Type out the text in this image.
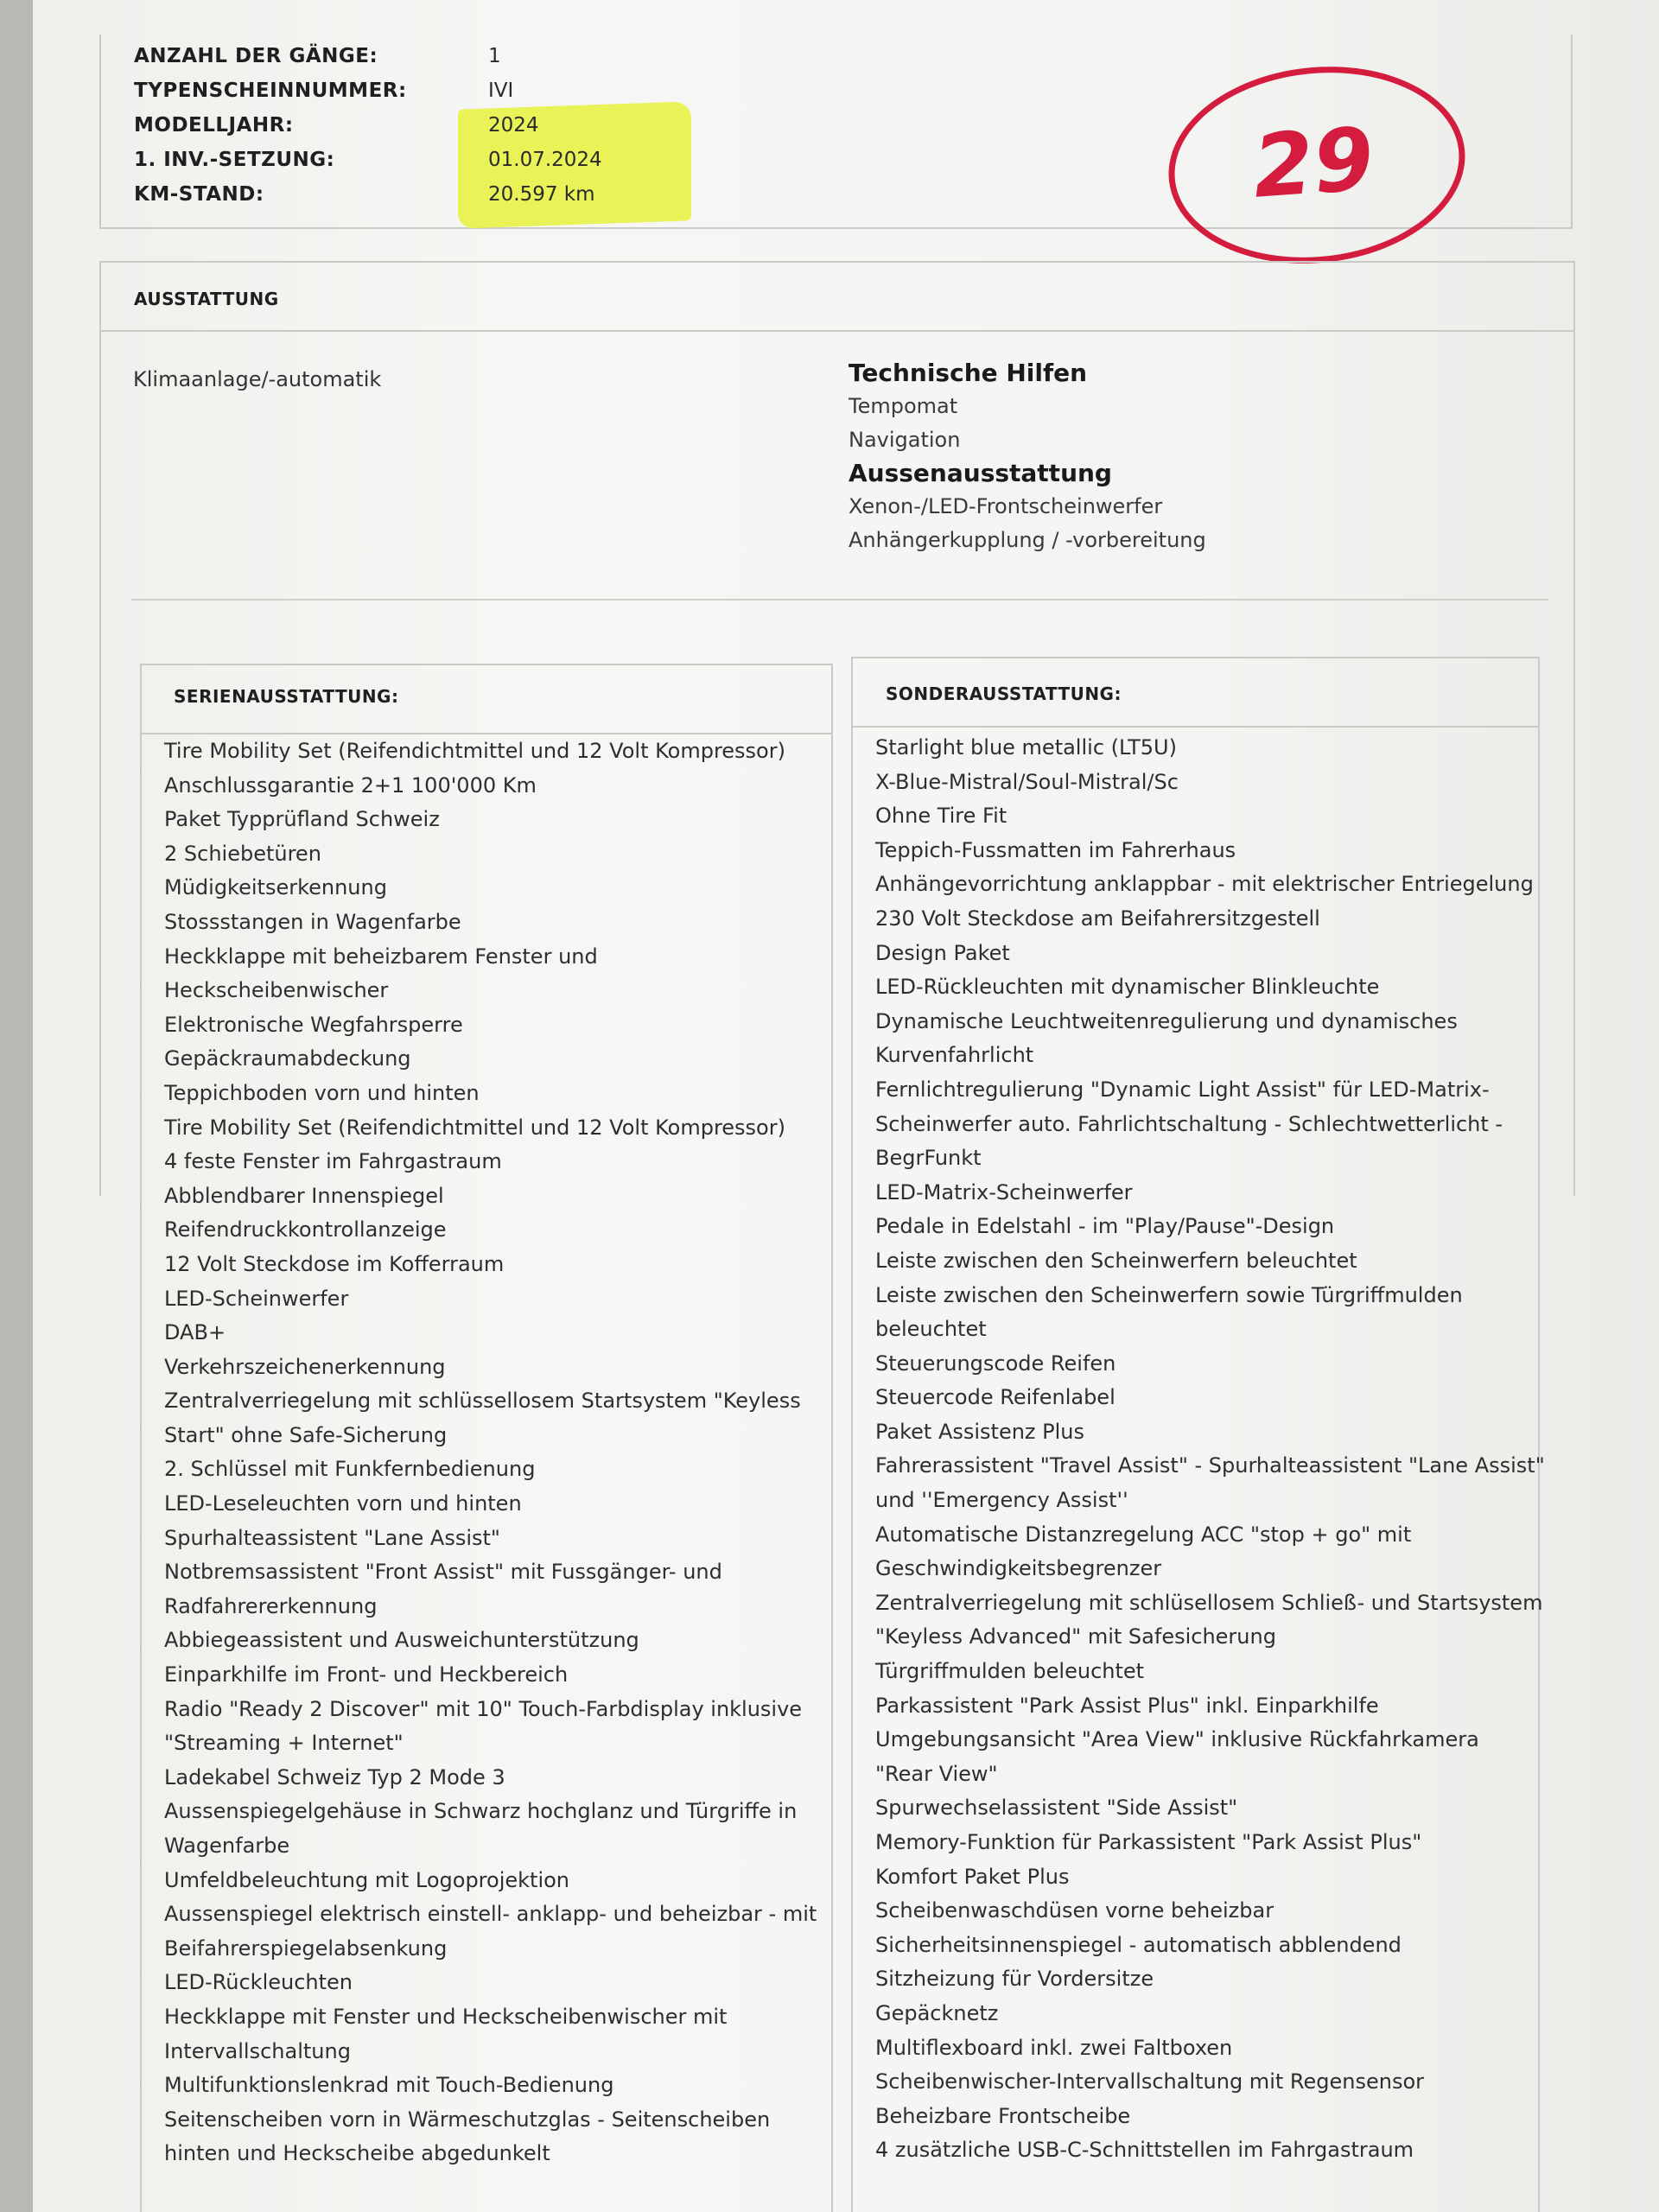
ANZAHL DER GÄNGE:	1
TYPENSCHEINNUMMER:	IVI
MODELLJAHR:	2024
1. INV.-SETZUNG:	01.07.2024
KM-STAND:	20.597 km	29
AUSSTATTUNG
Klimaanlage/-automatik	Technische Hilfen
Tempomat
Navigation
Aussenausstattung
Xenon-/LED-Frontscheinwerfer
Anhängerkupplung / -vorbereitung
SERIENAUSSTATTUNG:
Tire Mobility Set (Reifendichtmittel und 12 Volt Kompressor)
Anschlussgarantie 2+1 100'000 Km
Paket Typprüfland Schweiz
2 Schiebetüren
Müdigkeitserkennung
Stossstangen in Wagenfarbe
Heckklappe mit beheizbarem Fenster und
Heckscheibenwischer
Elektronische Wegfahrsperre
Gepäckraumabdeckung
Teppichboden vorn und hinten
Tire Mobility Set (Reifendichtmittel und 12 Volt Kompressor)
4 feste Fenster im Fahrgastraum
Abblendbarer Innenspiegel
Reifendruckkontrollanzeige
12 Volt Steckdose im Kofferraum
LED-Scheinwerfer
DAB+
Verkehrszeichenerkennung
Zentralverriegelung mit schlüssellosem Startsystem "Keyless
Start" ohne Safe-Sicherung
2. Schlüssel mit Funkfernbedienung
LED-Leseleuchten vorn und hinten
Spurhalteassistent "Lane Assist"
Notbremsassistent "Front Assist" mit Fussgänger- und
Radfahrererkennung
Abbiegeassistent und Ausweichunterstützung
Einparkhilfe im Front- und Heckbereich
Radio "Ready 2 Discover" mit 10" Touch-Farbdisplay inklusive
"Streaming + Internet"
Ladekabel Schweiz Typ 2 Mode 3
Aussenspiegelgehäuse in Schwarz hochglanz und Türgriffe in
Wagenfarbe
Umfeldbeleuchtung mit Logoprojektion
Aussenspiegel elektrisch einstell- anklapp- und beheizbar - mit
Beifahrerspiegelabsenkung
LED-Rückleuchten
Heckklappe mit Fenster und Heckscheibenwischer mit
Intervallschaltung
Multifunktionslenkrad mit Touch-Bedienung
Seitenscheiben vorn in Wärmeschutzglas - Seitenscheiben
hinten und Heckscheibe abgedunkelt
SONDERAUSSTATTUNG:
Starlight blue metallic (LT5U)
X-Blue-Mistral/Soul-Mistral/Sc
Ohne Tire Fit
Teppich-Fussmatten im Fahrerhaus
Anhängevorrichtung anklappbar - mit elektrischer Entriegelung
230 Volt Steckdose am Beifahrersitzgestell
Design Paket
LED-Rückleuchten mit dynamischer Blinkleuchte
Dynamische Leuchtweitenregulierung und dynamisches
Kurvenfahrlicht
Fernlichtregulierung "Dynamic Light Assist" für LED-Matrix-
Scheinwerfer auto. Fahrlichtschaltung - Schlechtwetterlicht -
BegrFunkt
LED-Matrix-Scheinwerfer
Pedale in Edelstahl - im "Play/Pause"-Design
Leiste zwischen den Scheinwerfern beleuchtet
Leiste zwischen den Scheinwerfern sowie Türgriffmulden
beleuchtet
Steuerungscode Reifen
Steuercode Reifenlabel
Paket Assistenz Plus
Fahrerassistent "Travel Assist" - Spurhalteassistent "Lane Assist"
und ''Emergency Assist''
Automatische Distanzregelung ACC "stop + go" mit
Geschwindigkeitsbegrenzer
Zentralverriegelung mit schlüsellosem Schließ- und Startsystem
"Keyless Advanced" mit Safesicherung
Türgriffmulden beleuchtet
Parkassistent "Park Assist Plus" inkl. Einparkhilfe
Umgebungsansicht "Area View" inklusive Rückfahrkamera
"Rear View"
Spurwechselassistent "Side Assist"
Memory-Funktion für Parkassistent "Park Assist Plus"
Komfort Paket Plus
Scheibenwaschdüsen vorne beheizbar
Sicherheitsinnenspiegel - automatisch abblendend
Sitzheizung für Vordersitze
Gepäcknetz
Multiflexboard inkl. zwei Faltboxen
Scheibenwischer-Intervallschaltung mit Regensensor
Beheizbare Frontscheibe
4 zusätzliche USB-C-Schnittstellen im Fahrgastraum
